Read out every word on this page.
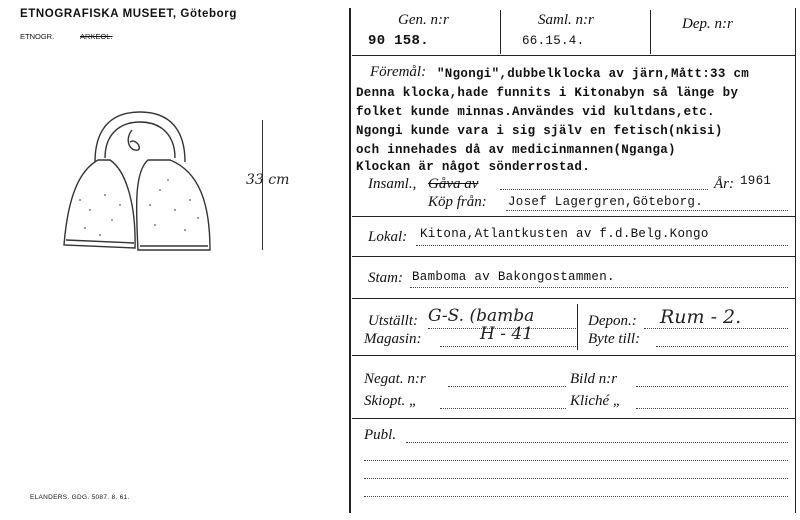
ETNOGRAFISKA MUSEET, Göteborg
ETNOGR.	ARKEOL.
33 cm
ELANDERS. GDG. 5087. 8. 61.
Gen. n:r
90 158.
Saml. n:r
66.15.4.
Dep. n:r
Föremål: "Ngongi",dubbelklocka av järn,Mått:33 cm
Denna klocka,hade funnits i Kitonabyn så länge by
folket kunde minnas.Användes vid kultdans,etc.
Ngongi kunde vara i sig själv en fetisch(nkisi)
och innehades då av medicinmannen(Nganga)
Klockan är något sönderrostad.
Insaml., Gåva av	År: 1961
Köp från: Josef Lagergren,Göteborg.
Lokal: Kitona,Atlantkusten av f.d.Belg.Kongo
Stam: Bamboma av Bakongostammen.
Utställt: G-S. (bamba	Depon.: Rum - 2.
Magasin:	H - 41	Byte till:
Negat. n:r	Bild n:r
Skiopt. „	Kliché „
Publ.
